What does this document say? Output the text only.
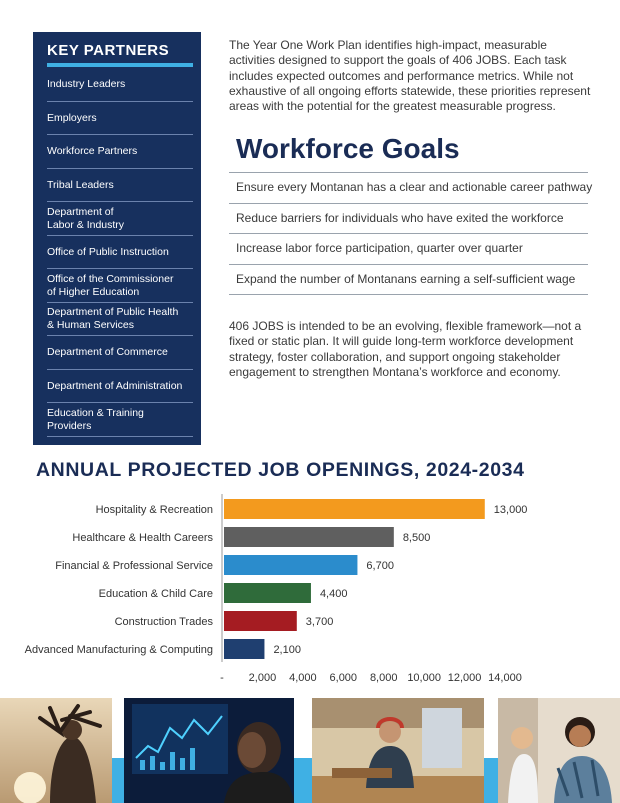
KEY PARTNERS
Industry Leaders
Employers
Workforce Partners
Tribal Leaders
Department of
Labor & Industry
Office of Public Instruction
Office of the Commissioner
of Higher Education
Department of Public Health
& Human Services
Department of Commerce
Department of Administration
Education & Training
Providers
The Year One Work Plan identifies high-impact, measurable activities designed to support the goals of 406 JOBS. Each task includes expected outcomes and performance metrics. While not exhaustive of all ongoing efforts statewide, these priorities represent areas with the potential for the greatest measurable progress.
Workforce Goals
Ensure every Montanan has a clear and actionable career pathway
Reduce barriers for individuals who have exited the workforce
Increase labor force participation, quarter over quarter
Expand the number of Montanans earning a self-sufficient wage
406 JOBS is intended to be an evolving, flexible framework—not a fixed or static plan. It will guide long-term workforce development strategy, foster collaboration, and support ongoing stakeholder engagement to strengthen Montana’s workforce and economy.
ANNUAL PROJECTED JOB OPENINGS, 2024-2034
Hospitality & Recreation	13,000
Healthcare & Health Careers	8,500
Financial & Professional Service	6,700
Education & Child Care	4,400
Construction Trades	3,700
Advanced Manufacturing & Computing	2,100
- 2,000 4,000 6,000 8,000 10,000 12,000 14,000
